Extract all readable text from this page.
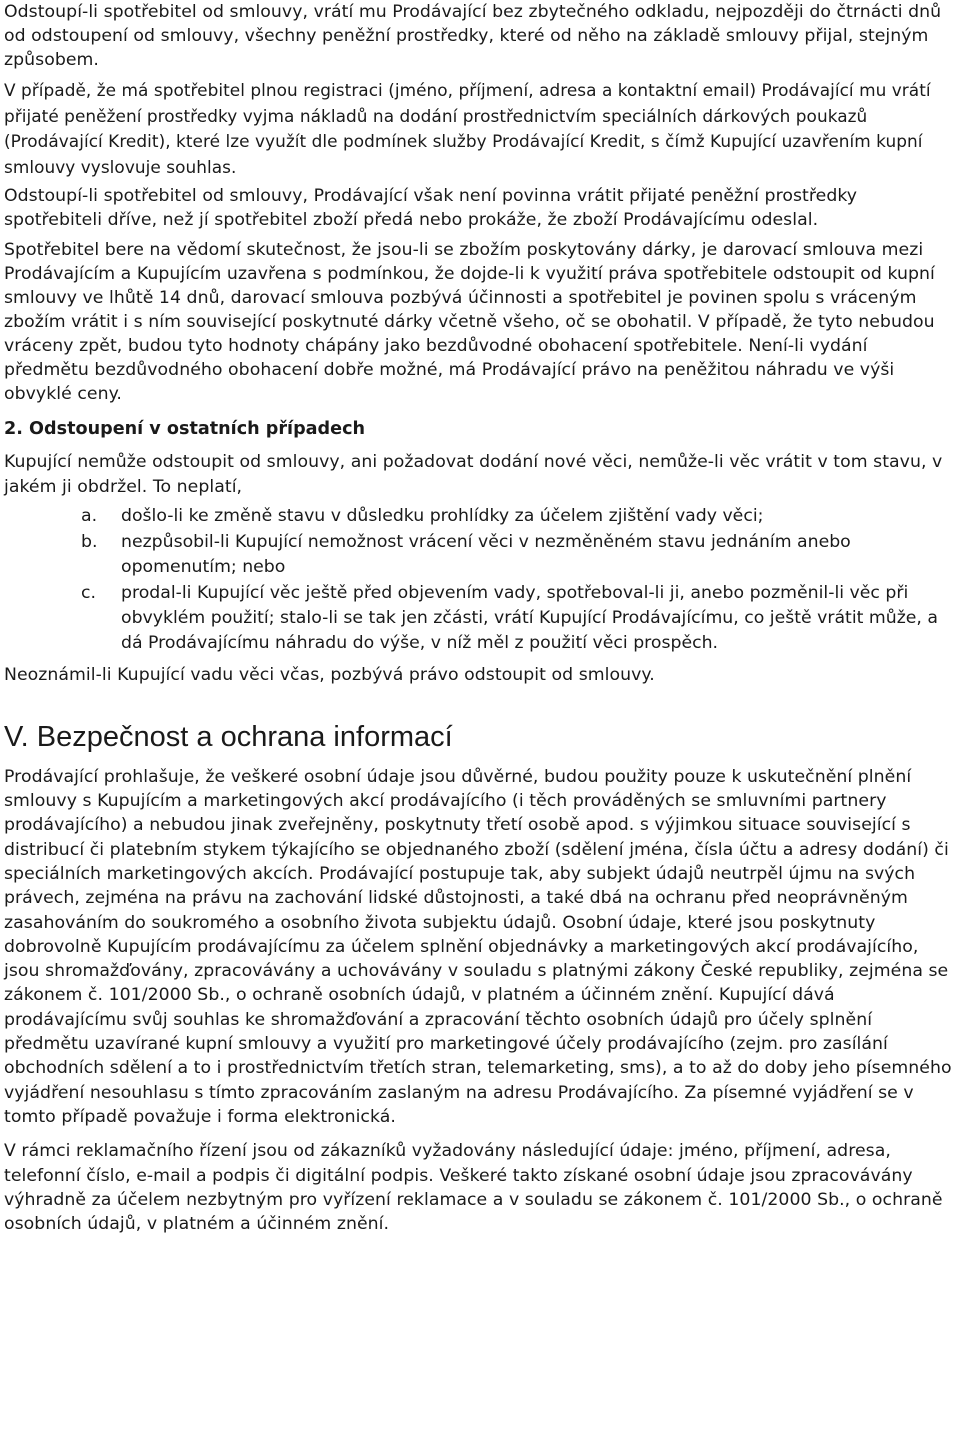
Odstoupí-li spotřebitel od smlouvy, vrátí mu Prodávající bez zbytečného odkladu, nejpozději do čtrnácti dnů od odstoupení od smlouvy, všechny peněžní prostředky, které od něho na základě smlouvy přijal, stejným způsobem.

V případě, že má spotřebitel plnou registraci (jméno, příjmení, adresa a kontaktní email) Prodávající mu vrátí přijaté peněžení prostředky vyjma nákladů na dodání prostřednictvím speciálních dárkových poukazů (Prodávající Kredit), které lze využít dle podmínek služby Prodávající Kredit, s čímž Kupující uzavřením kupní smlouvy vyslovuje souhlas.

Odstoupí-li spotřebitel od smlouvy, Prodávající však není povinna vrátit přijaté peněžní prostředky spotřebiteli dříve, než jí spotřebitel zboží předá nebo prokáže, že zboží Prodávajícímu odeslal.

Spotřebitel bere na vědomí skutečnost, že jsou-li se zbožím poskytovány dárky, je darovací smlouva mezi Prodávajícím a Kupujícím uzavřena s podmínkou, že dojde-li k využití práva spotřebitele odstoupit od kupní smlouvy ve lhůtě 14 dnů, darovací smlouva pozbývá účinnosti a spotřebitel je povinen spolu s vráceným zbožím vrátit i s ním související poskytnuté dárky včetně všeho, oč se obohatil. V případě, že tyto nebudou vráceny zpět, budou tyto hodnoty chápány jako bezdůvodné obohacení spotřebitele. Není-li vydání předmětu bezdůvodného obohacení dobře možné, má Prodávající právo na peněžitou náhradu ve výši obvyklé ceny.

2. Odstoupení v ostatních případech

Kupující nemůže odstoupit od smlouvy, ani požadovat dodání nové věci, nemůže-li věc vrátit v tom stavu, v jakém ji obdržel. To neplatí,

a. došlo-li ke změně stavu v důsledku prohlídky za účelem zjištění vady věci;
b. nezpůsobil-li Kupující nemožnost vrácení věci v nezměněném stavu jednáním anebo opomenutím; nebo
c. prodal-li Kupující věc ještě před objevením vady, spotřeboval-li ji, anebo pozměnil-li věc při obvyklém použití; stalo-li se tak jen zčásti, vrátí Kupující Prodávajícímu, co ještě vrátit může, a dá Prodávajícímu náhradu do výše, v níž měl z použití věci prospěch.

Neoznámil-li Kupující vadu věci včas, pozbývá právo odstoupit od smlouvy.

V. Bezpečnost a ochrana informací

Prodávající prohlašuje, že veškeré osobní údaje jsou důvěrné, budou použity pouze k uskutečnění plnění smlouvy s Kupujícím a marketingových akcí prodávajícího (i těch prováděných se smluvními partnery prodávajícího) a nebudou jinak zveřejněny, poskytnuty třetí osobě apod. s výjimkou situace související s distribucí či platebním stykem týkajícího se objednaného zboží (sdělení jména, čísla účtu a adresy dodání) či speciálních marketingových akcích. Prodávající postupuje tak, aby subjekt údajů neutrpěl újmu na svých právech, zejména na právu na zachování lidské důstojnosti, a také dbá na ochranu před neoprávněným zasahováním do soukromého a osobního života subjektu údajů. Osobní údaje, které jsou poskytnuty dobrovolně Kupujícím prodávajícímu za účelem splnění objednávky a marketingových akcí prodávajícího, jsou shromažďovány, zpracovávány a uchovávány v souladu s platnými zákony České republiky, zejména se zákonem č. 101/2000 Sb., o ochraně osobních údajů, v platném a účinném znění. Kupující dává prodávajícímu svůj souhlas ke shromažďování a zpracování těchto osobních údajů pro účely splnění předmětu uzavírané kupní smlouvy a využití pro marketingové účely prodávajícího (zejm. pro zasílání obchodních sdělení a to i prostřednictvím třetích stran, telemarketing, sms), a to až do doby jeho písemného vyjádření nesouhlasu s tímto zpracováním zaslaným na adresu Prodávajícího. Za písemné vyjádření se v tomto případě považuje i forma elektronická.

V rámci reklamačního řízení jsou od zákazníků vyžadovány následující údaje: jméno, příjmení, adresa, telefonní číslo, e-mail a podpis či digitální podpis. Veškeré takto získané osobní údaje jsou zpracovávány výhradně za účelem nezbytným pro vyřízení reklamace a v souladu se zákonem č. 101/2000 Sb., o ochraně osobních údajů, v platném a účinném znění.
